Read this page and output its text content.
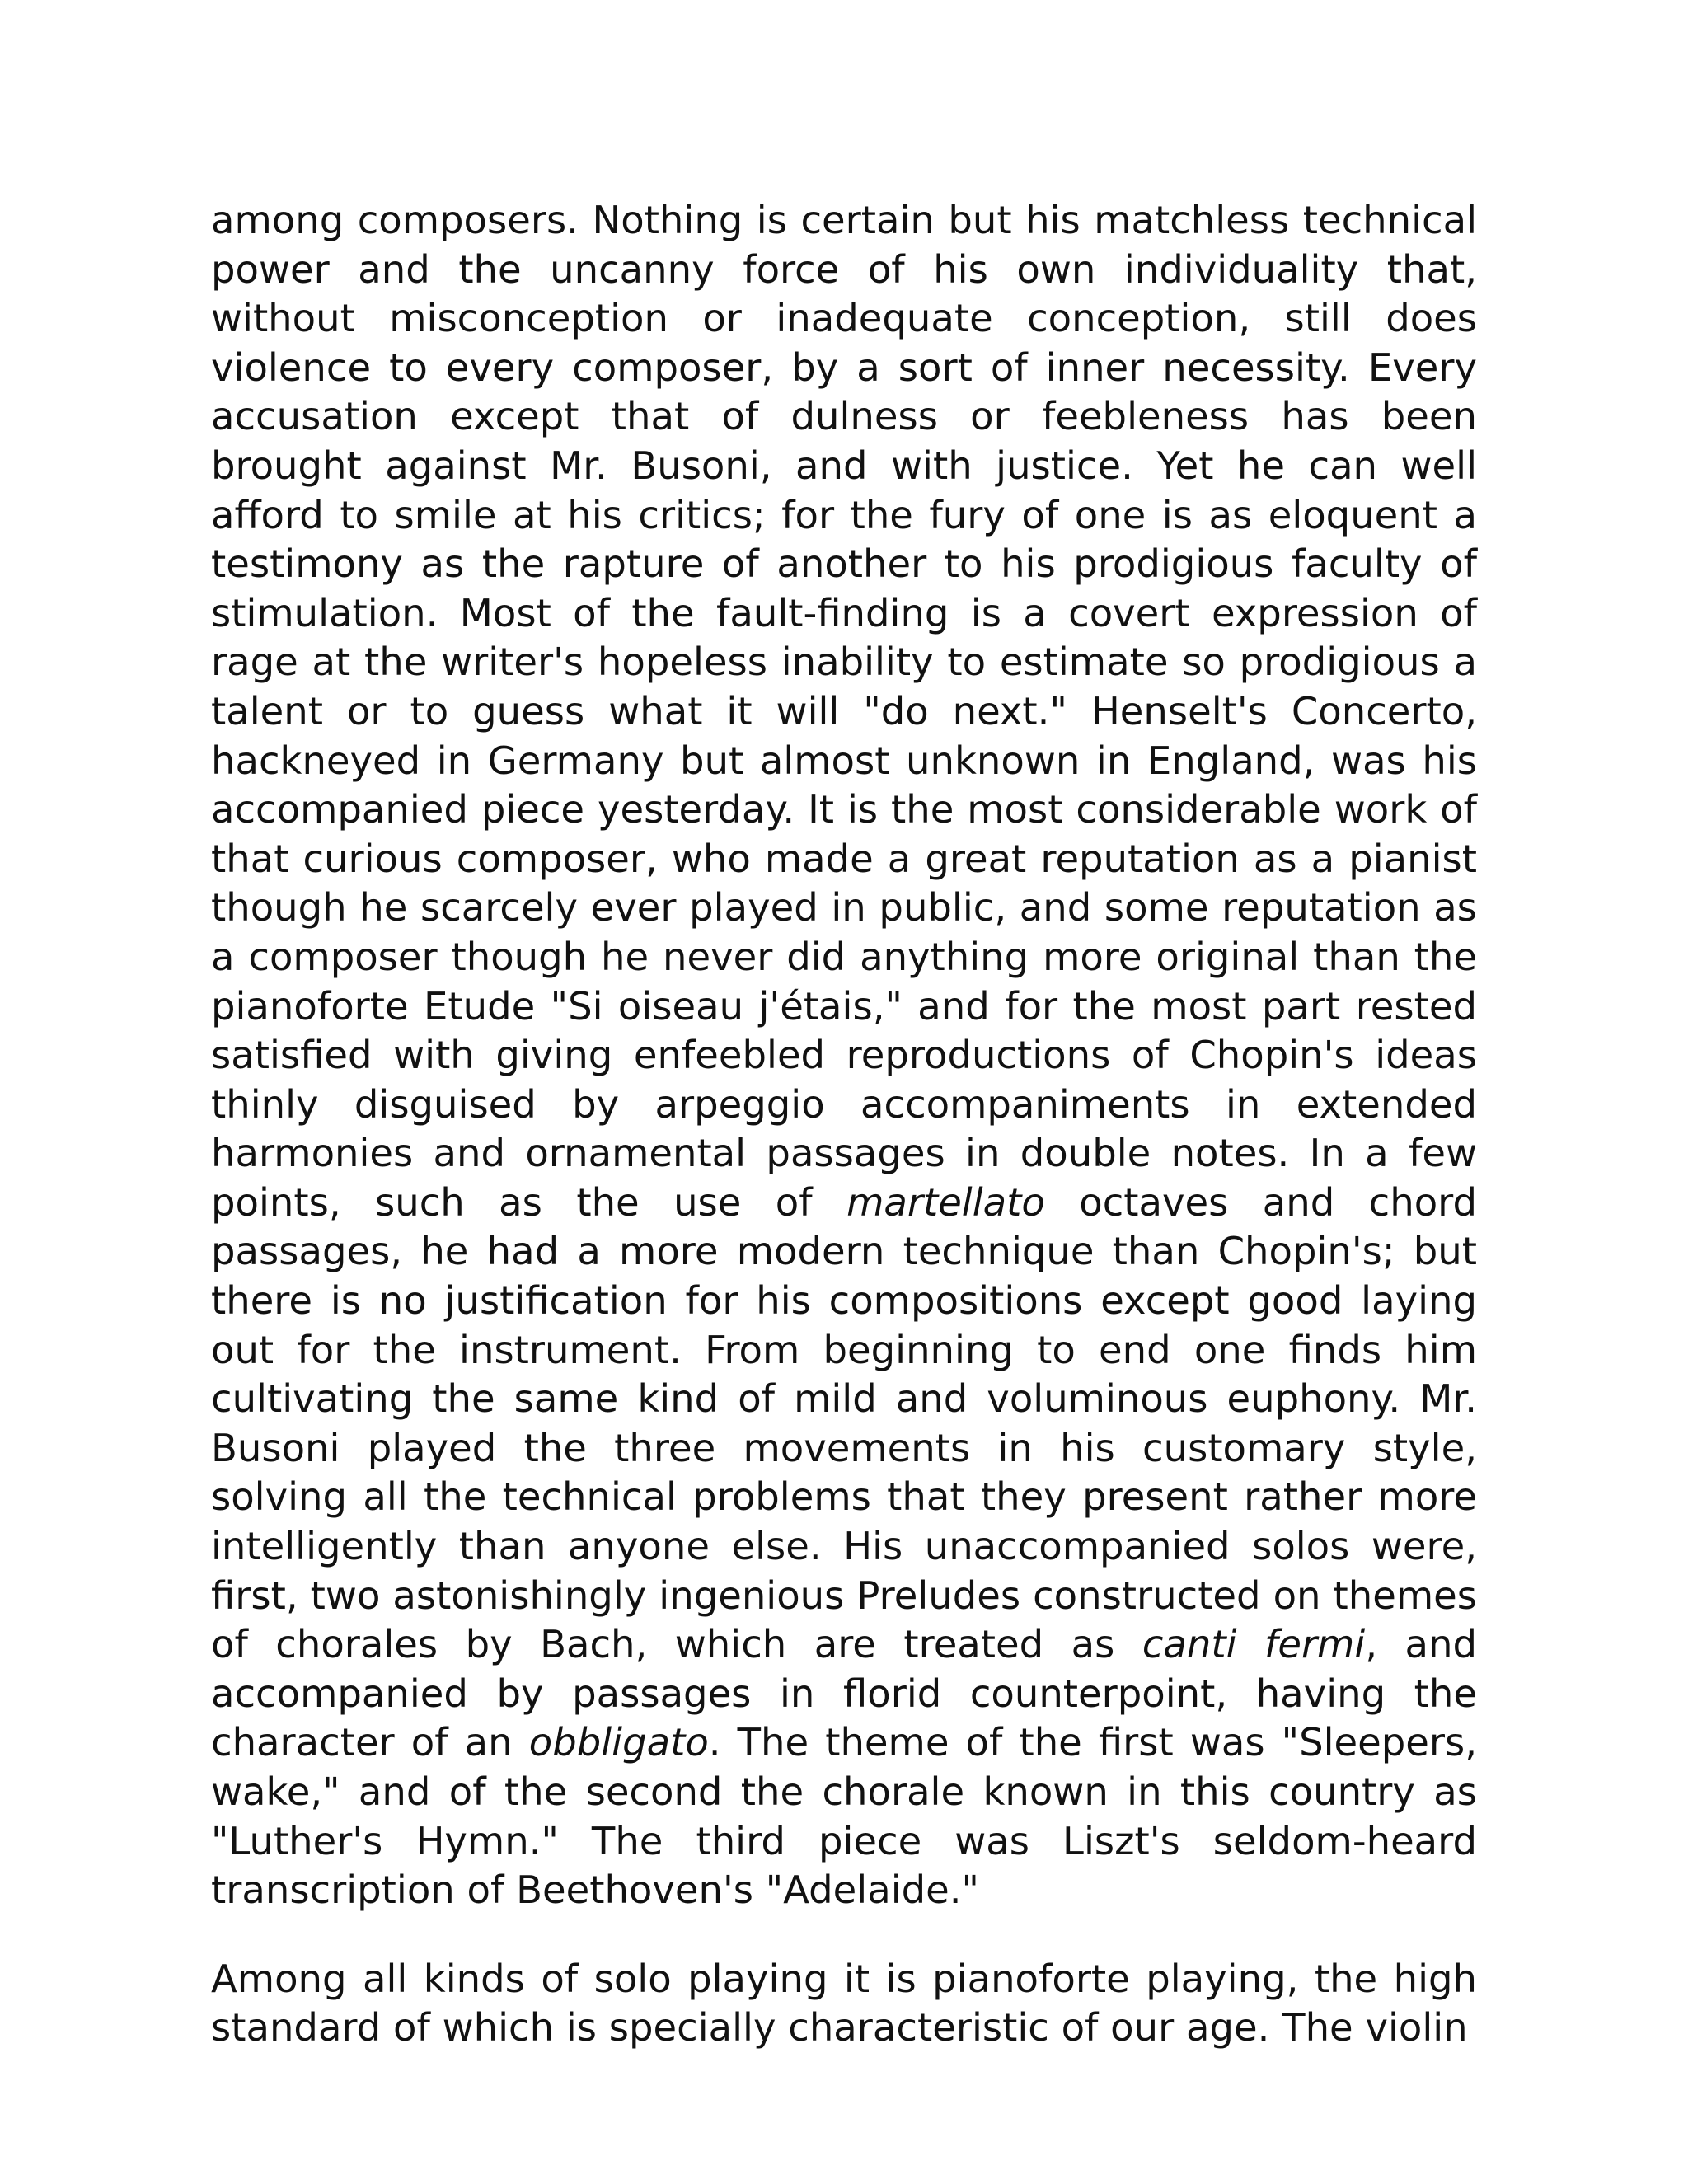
among composers. Nothing is certain but his matchless technical power and the uncanny force of his own individuality that, without misconception or inadequate conception, still does violence to every composer, by a sort of inner necessity. Every accusation except that of dulness or feebleness has been brought against Mr. Busoni, and with justice. Yet he can well afford to smile at his critics; for the fury of one is as eloquent a testimony as the rapture of another to his prodigious faculty of stimulation. Most of the fault-finding is a covert expression of rage at the writer's hopeless inability to estimate so prodigious a talent or to guess what it will "do next." Henselt's Concerto, hackneyed in Germany but almost unknown in England, was his accompanied piece yesterday. It is the most considerable work of that curious composer, who made a great reputation as a pianist though he scarcely ever played in public, and some reputation as a composer though he never did anything more original than the pianoforte Etude "Si oiseau j'étais," and for the most part rested satisfied with giving enfeebled reproductions of Chopin's ideas thinly disguised by arpeggio accompaniments in extended harmonies and ornamental passages in double notes. In a few points, such as the use of martellato octaves and chord passages, he had a more modern technique than Chopin's; but there is no justification for his compositions except good laying out for the instrument. From beginning to end one finds him cultivating the same kind of mild and voluminous euphony. Mr. Busoni played the three movements in his customary style, solving all the technical problems that they present rather more intelligently than anyone else. His unaccompanied solos were, first, two astonishingly ingenious Preludes constructed on themes of chorales by Bach, which are treated as canti fermi, and accompanied by passages in florid counterpoint, having the character of an obbligato. The theme of the first was "Sleepers, wake," and of the second the chorale known in this country as "Luther's Hymn." The third piece was Liszt's seldom-heard transcription of Beethoven's "Adelaide."

Among all kinds of solo playing it is pianoforte playing, the high standard of which is specially characteristic of our age. The violin
